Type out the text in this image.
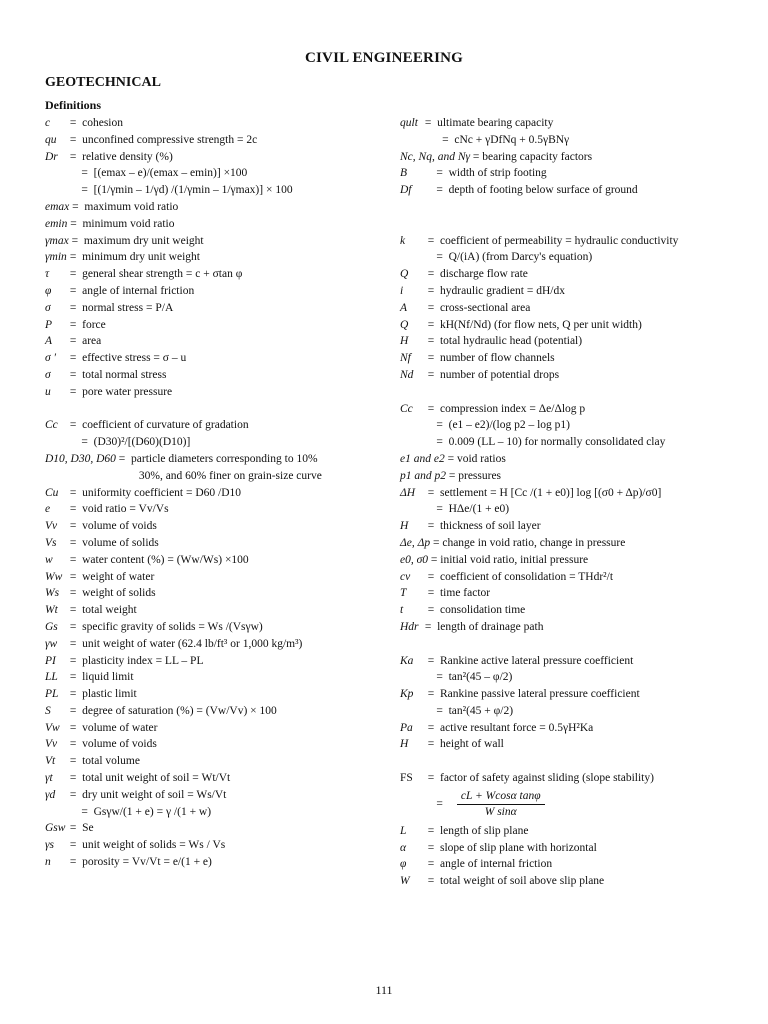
CIVIL ENGINEERING
GEOTECHNICAL
Definitions
c	=  cohesion
qu =  unconfined compressive strength = 2c
Dr =  relative density (%)
=  [(emax – e)/(emax – emin)] ×100
=  [(1/γmin – 1/γd) /(1/γmin – 1/γmax)] × 100
emax =  maximum void ratio
emin =  minimum void ratio
γmax =  maximum dry unit weight
γmin =  minimum dry unit weight
τ	=  general shear strength = c + σtan φ
φ	=  angle of internal friction
σ	=  normal stress = P/A
P	=  force
A	=  area
σ ′ =  effective stress = σ – u
σ	=  total normal stress
u	=  pore water pressure
Cc =  coefficient of curvature of gradation
=  (D30)²/[(D60)(D10)]
D10, D30, D60 =  particle diameters corresponding to 10%
30%, and 60% finer on grain-size curve
Cu =  uniformity coefficient = D60 /D10
e	=  void ratio = Vv/Vs
Vv =  volume of voids
Vs =  volume of solids
w	=  water content (%) = (Ww/Ws) ×100
Ww =  weight of water
Ws =  weight of solids
Wt =  total weight
Gs =  specific gravity of solids = Ws /(Vsγw)
γw =  unit weight of water (62.4 lb/ft³ or 1,000 kg/m³)
PI =  plasticity index = LL – PL
LL =  liquid limit
PL =  plastic limit
S	=  degree of saturation (%) = (Vw/Vv) × 100
Vw =  volume of water
Vv =  volume of voids
Vt	=  total volume
γt	=  total unit weight of soil = Wt/Vt
γd	=  dry unit weight of soil = Ws/Vt
=  Gsγw/(1 + e) = γ /(1 + w)
Gsw =  Se
γs	=  unit weight of solids = Ws / Vs
n	=  porosity = Vv/Vt = e/(1 + e)
qult =  ultimate bearing capacity
=  cNc + γDfNq + 0.5γBNγ
Nc, Nq, and Nγ = bearing capacity factors
B	=  width of strip footing
Df =  depth of footing below surface of ground
k	=  coefficient of permeability = hydraulic conductivity
=  Q/(iA) (from Darcy's equation)
Q	=  discharge flow rate
i	=  hydraulic gradient = dH/dx
A	=  cross-sectional area
Q	=  kH(Nf/Nd) (for flow nets, Q per unit width)
H	=  total hydraulic head (potential)
Nf =  number of flow channels
Nd =  number of potential drops
Cc =  compression index = Δe/Δlog p
=  (e1 – e2)/(log p2 – log p1)
=  0.009 (LL – 10) for normally consolidated clay
e1 and e2 = void ratios
p1 and p2 = pressures
ΔH =  settlement = H [Cc /(1 + e0)] log [(σ0 + Δp)/σ0]
=  HΔe/(1 + e0)
H	=  thickness of soil layer
Δe, Δp = change in void ratio, change in pressure
e0, σ0 = initial void ratio, initial pressure
cv	=  coefficient of consolidation = THdr²/t
T	=  time factor
t	=  consolidation time
Hdr =  length of drainage path
Ka =  Rankine active lateral pressure coefficient
=  tan²(45 – φ/2)
Kp =  Rankine passive lateral pressure coefficient
=  tan²(45 + φ/2)
Pa =  active resultant force = 0.5γH²Ka
H	=  height of wall
FS =  factor of safety against sliding (slope stability)
= $\frac{\text{cL + Wcosα tanφ}}{\text{W sinα}}$
L	=  length of slip plane
α	=  slope of slip plane with horizontal
φ	=  angle of internal friction
W	=  total weight of soil above slip plane
111
